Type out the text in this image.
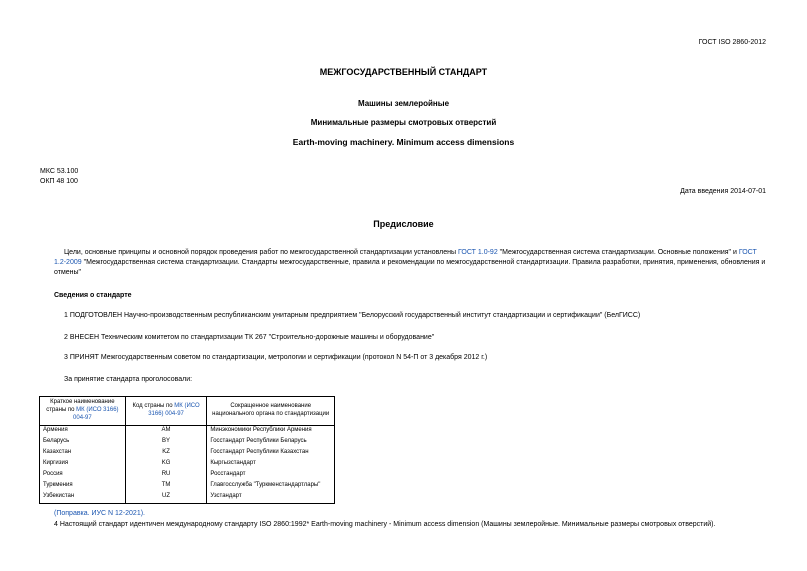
ГОСТ ISO 2860-2012
МЕЖГОСУДАРСТВЕННЫЙ СТАНДАРТ
Машины землеройные
Минимальные размеры смотровых отверстий
Earth-moving machinery. Minimum access dimensions
МКС 53.100
ОКП 48 100
Дата введения 2014-07-01
Предисловие
Цели, основные принципы и основной порядок проведения работ по межгосударственной стандартизации установлены ГОСТ 1.0-92 "Межгосударственная система стандартизации. Основные положения" и ГОСТ 1.2-2009 "Межгосударственная система стандартизации. Стандарты межгосударственные, правила и рекомендации по межгосударственной стандартизации. Правила разработки, принятия, применения, обновления и отмены"
Сведения о стандарте
1 ПОДГОТОВЛЕН Научно-производственным республиканским унитарным предприятием "Белорусский государственный институт стандартизации и сертификации" (БелГИСС)
2 ВНЕСЕН Техническим комитетом по стандартизации ТК 267 "Строительно-дорожные машины и оборудование"
3 ПРИНЯТ Межгосударственным советом по стандартизации, метрологии и сертификации (протокол N 54-П от 3 декабря 2012 г.)
За принятие стандарта проголосовали:
Краткое наименование страны по МК (ИСО 3166) 004-97	Код страны по МК (ИСО 3166) 004-97	Сокращенное наименование национального органа по стандартизации
Армения	AM	Минэкономики Республики Армения
Беларусь	BY	Госстандарт Республики Беларусь
Казахстан	KZ	Госстандарт Республики Казахстан
Киргизия	KG	Кыргызстандарт
Россия	RU	Росстандарт
Туркмения	TM	Главгосслужба "Туркменстандартлары"
Узбекистан	UZ	Узстандарт
(Поправка. ИУС N 12-2021).
4 Настоящий стандарт идентичен международному стандарту ISO 2860:1992* Earth-moving machinery - Minimum access dimension (Машины землеройные. Минимальные размеры смотровых отверстий).
